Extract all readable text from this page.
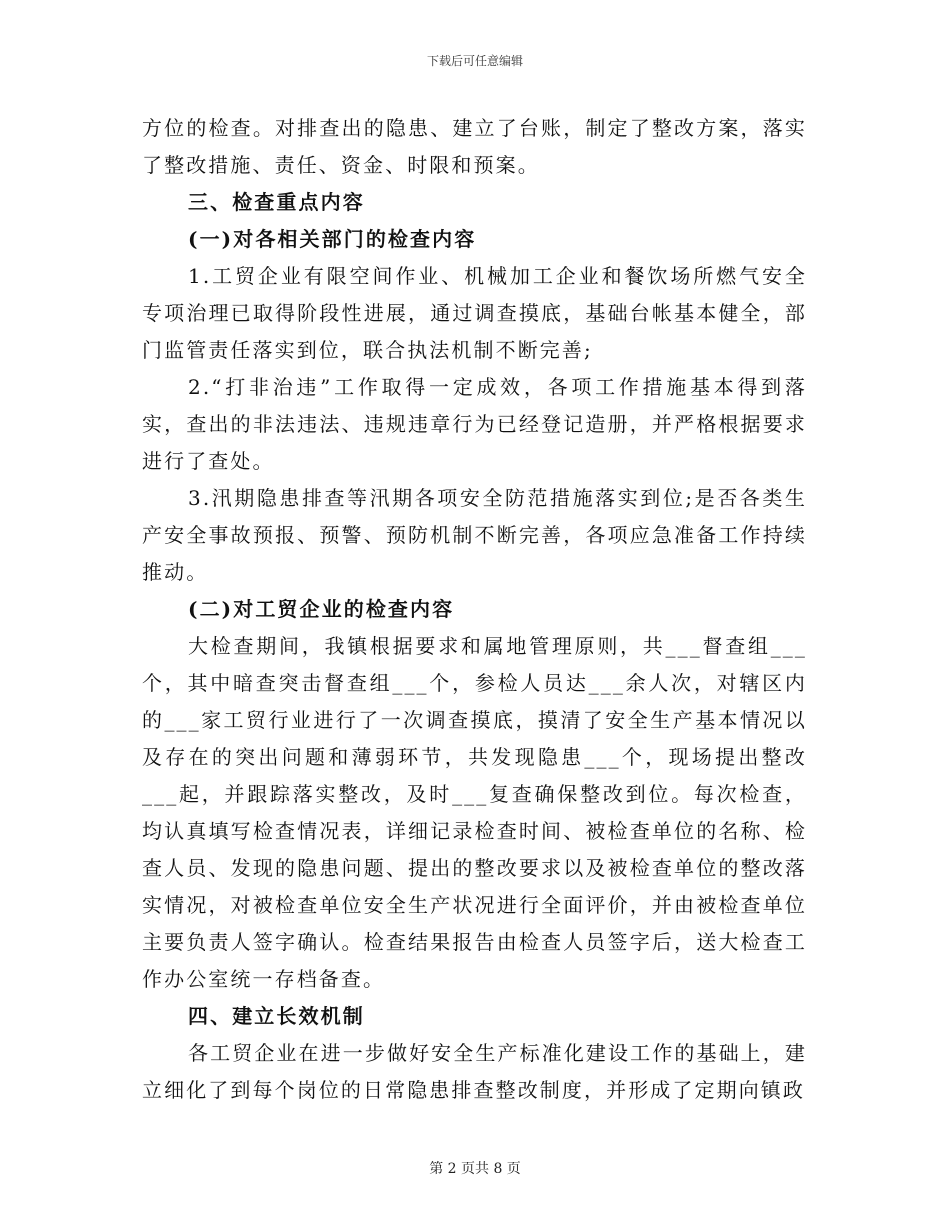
下载后可任意编辑

方位的检查。对排查出的隐患、建立了台账，制定了整改方案，落实了整改措施、责任、资金、时限和预案。

三、检查重点内容

(一)对各相关部门的检查内容

1.工贸企业有限空间作业、机械加工企业和餐饮场所燃气安全专项治理已取得阶段性进展，通过调查摸底，基础台帐基本健全，部门监管责任落实到位，联合执法机制不断完善;

2.“打非治违”工作取得一定成效，各项工作措施基本得到落实，查出的非法违法、违规违章行为已经登记造册，并严格根据要求进行了查处。

3.汛期隐患排查等汛期各项安全防范措施落实到位;是否各类生产安全事故预报、预警、预防机制不断完善，各项应急准备工作持续推动。

(二)对工贸企业的检查内容

大检查期间，我镇根据要求和属地管理原则，共___督查组___个，其中暗查突击督查组___个，参检人员达___余人次，对辖区内的___家工贸行业进行了一次调查摸底，摸清了安全生产基本情况以及存在的突出问题和薄弱环节，共发现隐患___个，现场提出整改___起，并跟踪落实整改，及时___复查确保整改到位。每次检查，均认真填写检查情况表，详细记录检查时间、被检查单位的名称、检查人员、发现的隐患问题、提出的整改要求以及被检查单位的整改落实情况，对被检查单位安全生产状况进行全面评价，并由被检查单位主要负责人签字确认。检查结果报告由检查人员签字后，送大检查工作办公室统一存档备查。

四、建立长效机制

各工贸企业在进一步做好安全生产标准化建设工作的基础上，建立细化了到每个岗位的日常隐患排查整改制度，并形成了定期向镇政

第 2 页共 8 页
